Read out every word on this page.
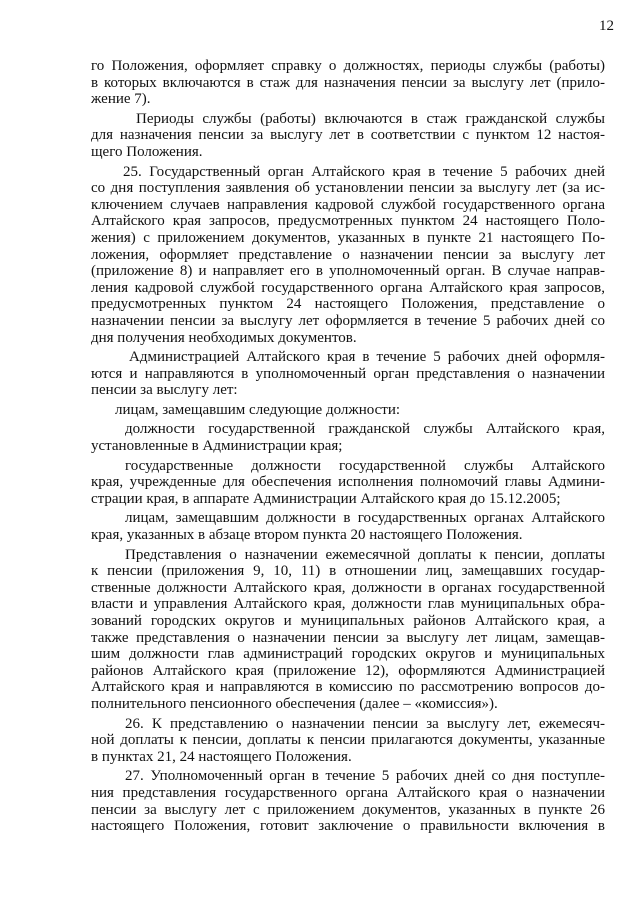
12
го Положения, оформляет справку о должностях, периоды службы (работы)
в которых включаются в стаж для назначения пенсии за выслугу лет (прило-
жение 7).
Периоды службы (работы) включаются в стаж гражданской службы
для назначения пенсии за выслугу лет в соответствии с пунктом 12 настоя-
щего Положения.
25. Государственный орган Алтайского края в течение 5 рабочих дней
со дня поступления заявления об установлении пенсии за выслугу лет (за ис-
ключением случаев направления кадровой службой государственного органа
Алтайского края запросов, предусмотренных пунктом 24 настоящего Поло-
жения) с приложением документов, указанных в пункте 21 настоящего По-
ложения, оформляет представление о назначении пенсии за выслугу лет
(приложение 8) и направляет его в уполномоченный орган. В случае направ-
ления кадровой службой государственного органа Алтайского края запросов,
предусмотренных пунктом 24 настоящего Положения, представление о
назначении пенсии за выслугу лет оформляется в течение 5 рабочих дней со
дня получения необходимых документов.
Администрацией Алтайского края в течение 5 рабочих дней оформля-
ются и направляются в уполномоченный орган представления о назначении
пенсии за выслугу лет:
лицам, замещавшим следующие должности:
должности государственной гражданской службы Алтайского края,
установленные в Администрации края;
государственные должности государственной службы Алтайского
края, учрежденные для обеспечения исполнения полномочий главы Админи-
страции края, в аппарате Администрации Алтайского края до 15.12.2005;
лицам, замещавшим должности в государственных органах Алтайского
края, указанных в абзаце втором пункта 20 настоящего Положения.
Представления о назначении ежемесячной доплаты к пенсии, доплаты
к пенсии (приложения 9, 10, 11) в отношении лиц, замещавших государ-
ственные должности Алтайского края, должности в органах государственной
власти и управления Алтайского края, должности глав муниципальных обра-
зований городских округов и муниципальных районов Алтайского края, а
также представления о назначении пенсии за выслугу лет лицам, замещав-
шим должности глав администраций городских округов и муниципальных
районов Алтайского края (приложение 12), оформляются Администрацией
Алтайского края и направляются в комиссию по рассмотрению вопросов до-
полнительного пенсионного обеспечения (далее – «комиссия»).
26. К представлению о назначении пенсии за выслугу лет, ежемесяч-
ной доплаты к пенсии, доплаты к пенсии прилагаются документы, указанные
в пунктах 21, 24 настоящего Положения.
27. Уполномоченный орган в течение 5 рабочих дней со дня поступле-
ния представления государственного органа Алтайского края о назначении
пенсии за выслугу лет с приложением документов, указанных в пункте 26
настоящего Положения, готовит заключение о правильности включения в
